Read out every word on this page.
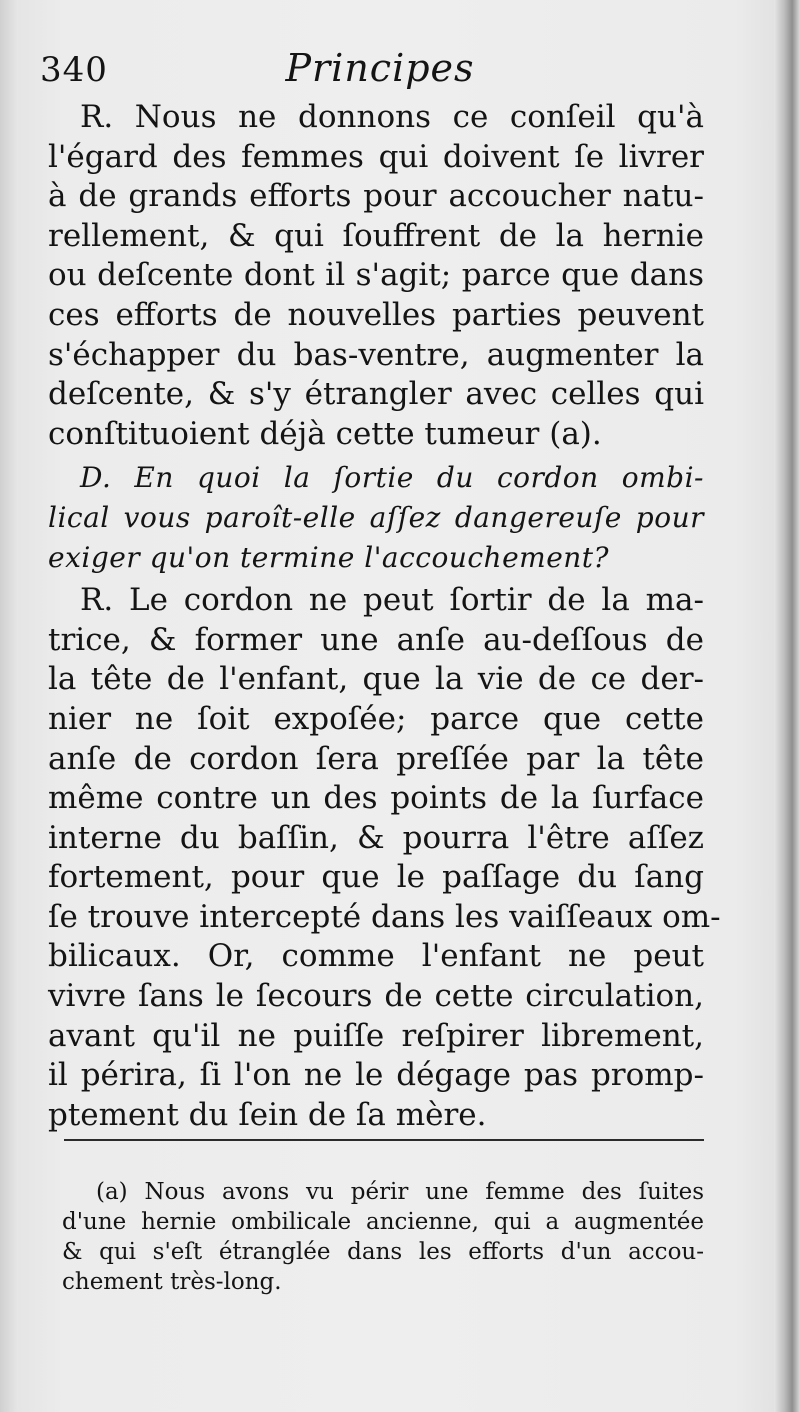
340	Principes
R. Nous ne donnons ce conſeil qu'à
l'égard des femmes qui doivent ſe livrer
à de grands efforts pour accoucher natu-
rellement, & qui ſouffrent de la hernie
ou deſcente dont il s'agit; parce que dans
ces efforts de nouvelles parties peuvent
s'échapper du bas-ventre, augmenter la
deſcente, & s'y étrangler avec celles qui
conſtituoient déjà cette tumeur (a).
D. En quoi la ſortie du cordon ombi-
lical vous paroît-elle aſſez dangereuſe pour
exiger qu'on termine l'accouchement?
R. Le cordon ne peut ſortir de la ma-
trice, & former une anſe au-deſſous de
la tête de l'enfant, que la vie de ce der-
nier ne ſoit expoſée; parce que cette
anſe de cordon ſera preſſée par la tête
même contre un des points de la ſurface
interne du baſſin, & pourra l'être aſſez
fortement, pour que le paſſage du ſang
ſe trouve intercepté dans les vaiſſeaux om-
bilicaux. Or, comme l'enfant ne peut
vivre ſans le ſecours de cette circulation,
avant qu'il ne puiſſe reſpirer librement,
il périra, ſi l'on ne le dégage pas promp-
ptement du ſein de ſa mère.
(a) Nous avons vu périr une femme des ſuites
d'une hernie ombilicale ancienne, qui a augmentée
& qui s'eſt étranglée dans les efforts d'un accou-
chement très-long.
